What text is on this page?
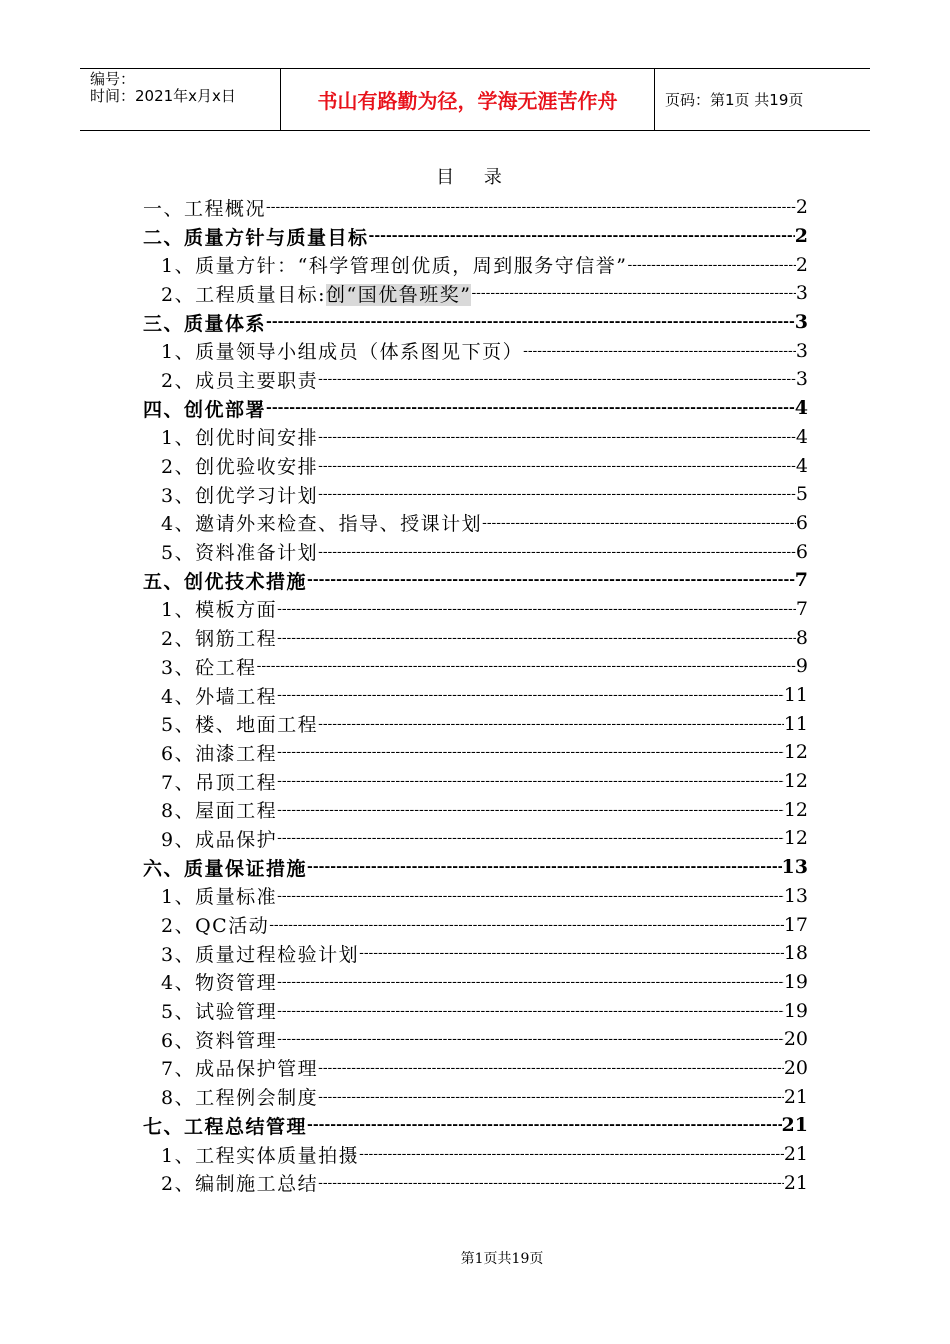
编号：
时间：2021年x月x日	书山有路勤为径，学海无涯苦作舟	页码：第1页 共19页
目 录
一、工程概况 -----	2
二、质量方针与质量目标 -----	2
1、质量方针：“科学管理创优质，周到服务守信誉” -----	2
2、工程质量目标:创“国优鲁班奖” -----	3
三、质量体系 -----	3
1、质量领导小组成员（体系图见下页） -----	3
2、成员主要职责 -----	3
四、创优部署 -----	4
1、创优时间安排 -----	4
2、创优验收安排 -----	4
3、创优学习计划 -----	5
4、邀请外来检查、指导、授课计划 -----	6
5、资料准备计划 -----	6
五、创优技术措施 -----	7
1、模板方面 -----	7
2、钢筋工程 -----	8
3、砼工程 -----	9
4、外墙工程 -----	11
5、楼、地面工程 -----	11
6、油漆工程 -----	12
7、吊顶工程 -----	12
8、屋面工程 -----	12
9、成品保护 -----	12
六、质量保证措施 -----	13
1、质量标准 -----	13
2、QC活动 -----	17
3、质量过程检验计划 -----	18
4、物资管理 -----	19
5、试验管理 -----	19
6、资料管理 -----	20
7、成品保护管理 -----	20
8、工程例会制度 -----	21
七、工程总结管理 -----	21
1、工程实体质量拍摄 -----	21
2、编制施工总结 -----	21
第1页共19页
